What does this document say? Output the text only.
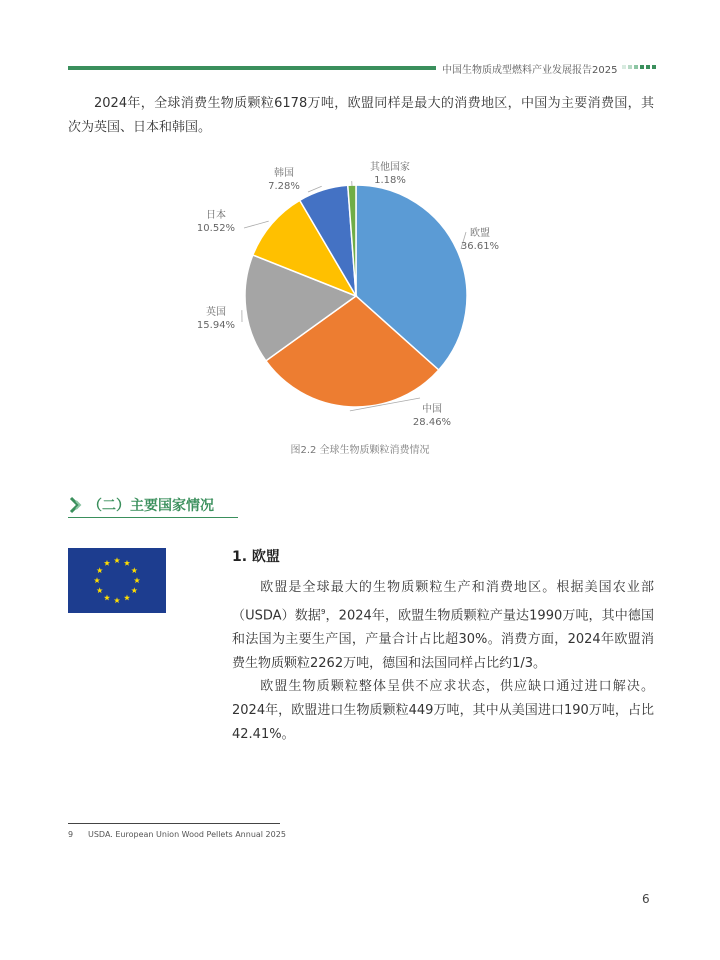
中国生物质成型燃料产业发展报告2025
2024年，全球消费生物质颗粒6178万吨，欧盟同样是最大的消费地区，中国为主要消费国，其次为英国、日本和韩国。
欧盟
36.61%
中国
28.46%
英国
15.94%
日本
10.52%
韩国
7.28%
其他国家
1.18%
图2.2 全球生物质颗粒消费情况
（二）主要国家情况
1. 欧盟
　　欧盟是全球最大的生物质颗粒生产和消费地区。根据美国农业部（USDA）数据$^9$，2024年，欧盟生物质颗粒产量达1990万吨，其中德国和法国为主要生产国，产量合计占比超30%。消费方面，2024年欧盟消费生物质颗粒2262万吨，德国和法国同样占比约1/3。
　　欧盟生物质颗粒整体呈供不应求状态，供应缺口通过进口解决。2024年，欧盟进口生物质颗粒449万吨，其中从美国进口190万吨，占比42.41%。
9 USDA. European Union Wood Pellets Annual 2025
6
